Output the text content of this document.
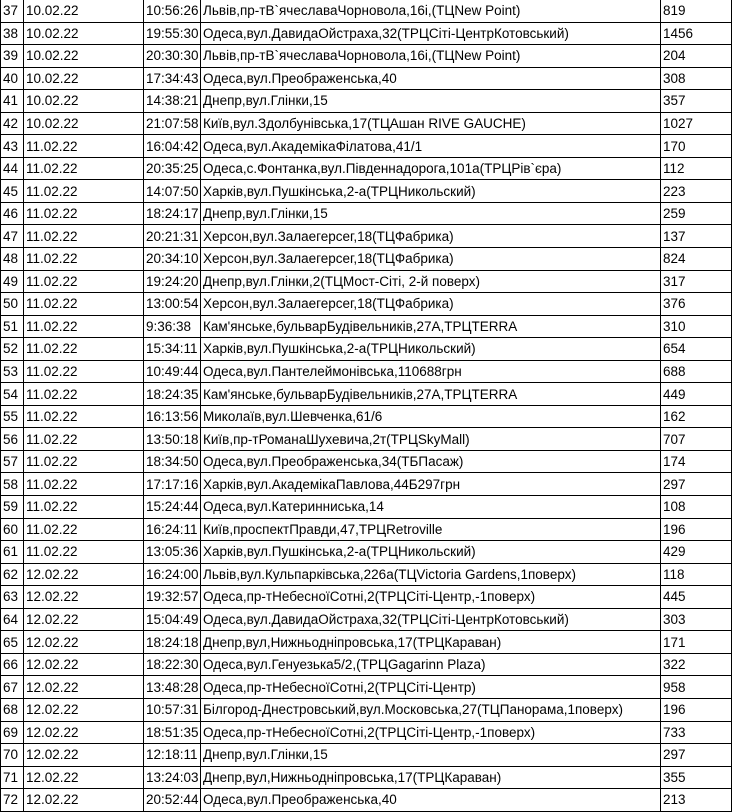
37	10.02.22	10:56:26	Львів,пр-тВ`ячеславаЧорновола,16і,(ТЦNew Point)	819
38	10.02.22	19:55:30	Одеса,вул.ДавидаОйстраха,32(ТРЦСіті-ЦентрКотовський)	1456
39	10.02.22	20:30:30	Львів,пр-тВ`ячеславаЧорновола,16і,(ТЦNew Point)	204
40	10.02.22	17:34:43	Одеса,вул.Преображенська,40	308
41	10.02.22	14:38:21	Днепр,вул.Глінки,15	357
42	10.02.22	21:07:58	Київ,вул.Здолбунівська,17(ТЦАшан RIVE GAUCHE)	1027
43	11.02.22	16:04:42	Одеса,вул.АкадемікаФілатова,41/1	170
44	11.02.22	20:35:25	Одеса,с.Фонтанка,вул.Південнадорога,101а(ТРЦРів`єра)	112
45	11.02.22	14:07:50	Харків,вул.Пушкінська,2-а(ТРЦНикольский)	223
46	11.02.22	18:24:17	Днепр,вул.Глінки,15	259
47	11.02.22	20:21:31	Херсон,вул.Залаегерсег,18(ТЦФабрика)	137
48	11.02.22	20:34:10	Херсон,вул.Залаегерсег,18(ТЦФабрика)	824
49	11.02.22	19:24:20	Днепр,вул.Глінки,2(ТЦМост-Сіті, 2-й поверх)	317
50	11.02.22	13:00:54	Херсон,вул.Залаегерсег,18(ТЦФабрика)	376
51	11.02.22	9:36:38	Кам'янське,бульварБудівельників,27А,ТРЦTERRA	310
52	11.02.22	15:34:11	Харків,вул.Пушкінська,2-а(ТРЦНикольский)	654
53	11.02.22	10:49:44	Одеса,вул.Пантелеймонівська,110688грн	688
54	11.02.22	18:24:35	Кам'янське,бульварБудівельників,27А,ТРЦTERRA	449
55	11.02.22	16:13:56	Миколаїв,вул.Шевченка,61/6	162
56	11.02.22	13:50:18	Київ,пр-тРоманаШухевича,2т(ТРЦSkyMall)	707
57	11.02.22	18:34:50	Одеса,вул.Преображенська,34(ТБПасаж)	174
58	11.02.22	17:17:16	Харків,вул.АкадемікаПавлова,44Б297грн	297
59	11.02.22	15:24:44	Одеса,вул.Катеринниська,14	108
60	11.02.22	16:24:11	Київ,проспектПравди,47,ТРЦRetroville	196
61	11.02.22	13:05:36	Харків,вул.Пушкінська,2-а(ТРЦНикольский)	429
62	12.02.22	16:24:00	Львів,вул.Кульпарківська,226а(ТЦVictoria Gardens,1поверх)	118
63	12.02.22	19:32:57	Одеса,пр-тНебесноїСотні,2(ТРЦСіті-Центр,-1поверх)	445
64	12.02.22	15:04:49	Одеса,вул.ДавидаОйстраха,32(ТРЦСіті-ЦентрКотовський)	303
65	12.02.22	18:24:18	Днепр,вул,Нижньодніпровська,17(ТРЦКараван)	171
66	12.02.22	18:22:30	Одеса,вул.Генуезька5/2,(ТРЦGagarinn Plaza)	322
67	12.02.22	13:48:28	Одеса,пр-тНебесноїСотні,2(ТРЦСіті-Центр)	958
68	12.02.22	10:57:31	Білгород-Днестровський,вул.Московська,27(ТЦПанорама,1поверх)	196
69	12.02.22	18:51:35	Одеса,пр-тНебесноїСотні,2(ТРЦСіті-Центр,-1поверх)	733
70	12.02.22	12:18:11	Днепр,вул.Глінки,15	297
71	12.02.22	13:24:03	Днепр,вул,Нижньодніпровська,17(ТРЦКараван)	355
72	12.02.22	20:52:44	Одеса,вул.Преображенська,40	213
